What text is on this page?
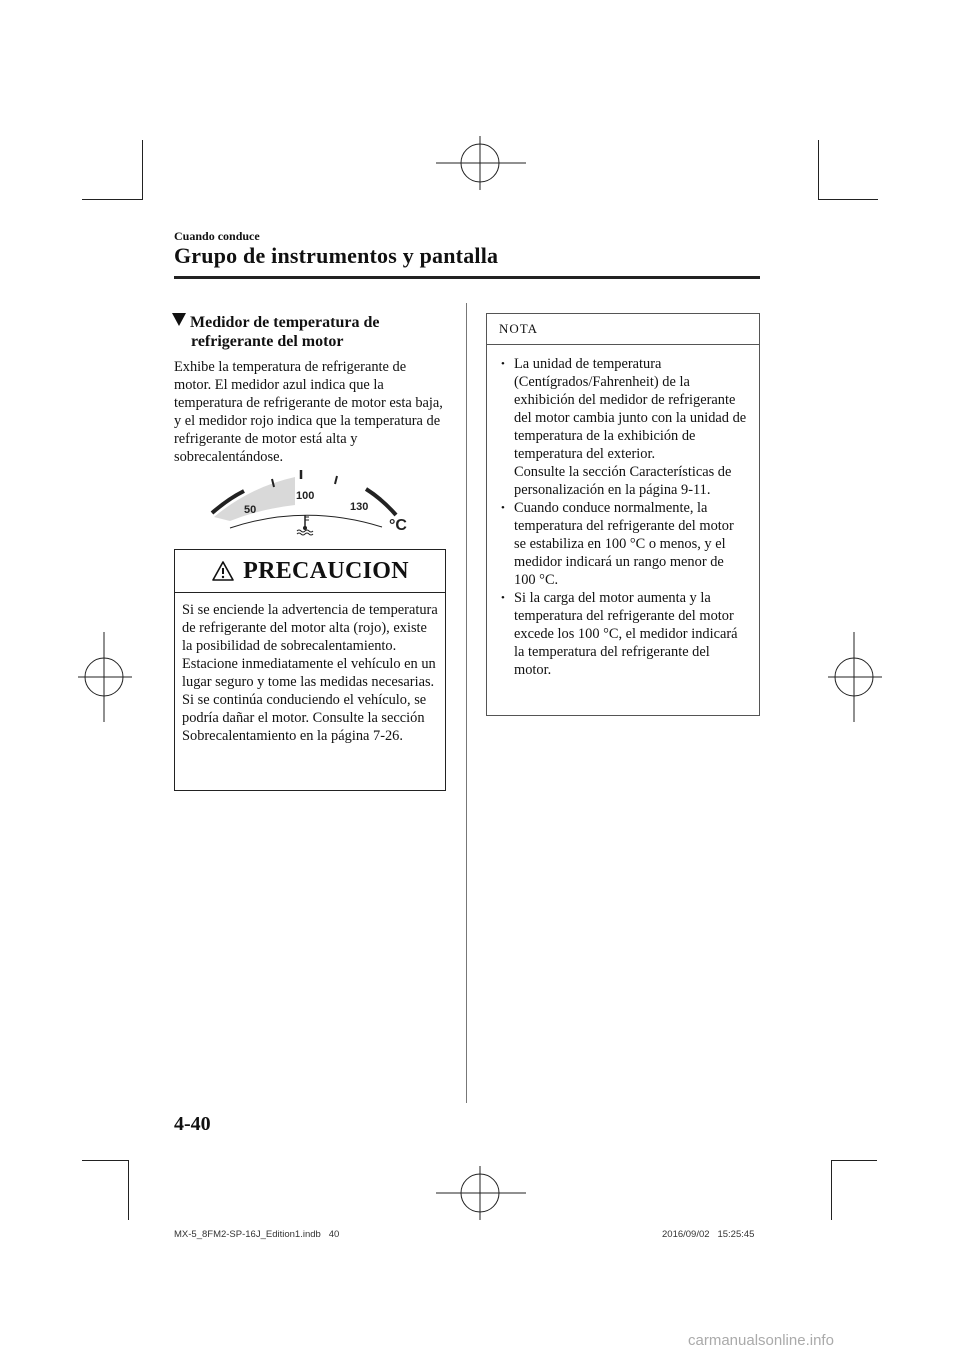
Cuando conduce
Grupo de instrumentos y pantalla
Medidor de temperatura de
refrigerante del motor
Exhibe la temperatura de refrigerante de motor. El medidor azul indica que la temperatura de refrigerante de motor esta baja, y el medidor rojo indica que la temperatura de refrigerante de motor está alta y sobrecalentándose.
50
100
130
°C
PRECAUCION
Si se enciende la advertencia de temperatura de refrigerante del motor alta (rojo), existe la posibilidad de sobrecalentamiento. Estacione inmediatamente el vehículo en un lugar seguro y tome las medidas necesarias. Si se continúa conduciendo el vehículo, se podría dañar el motor. Consulte la sección Sobrecalentamiento en la página 7-26.
NOTA
• La unidad de temperatura (Centígrados/Fahrenheit) de la exhibición del medidor de refrigerante del motor cambia junto con la unidad de temperatura de la exhibición de temperatura del exterior.
Consulte la sección Características de personalización en la página 9-11.
• Cuando conduce normalmente, la temperatura del refrigerante del motor se estabiliza en 100 °C o menos, y el medidor indicará un rango menor de 100 °C.
• Si la carga del motor aumenta y la temperatura del refrigerante del motor excede los 100 °C, el medidor indicará la temperatura del refrigerante del motor.
4-40
MX-5_8FM2-SP-16J_Edition1.indb   40	2016/09/02   15:25:45
carmanualsonline.info
